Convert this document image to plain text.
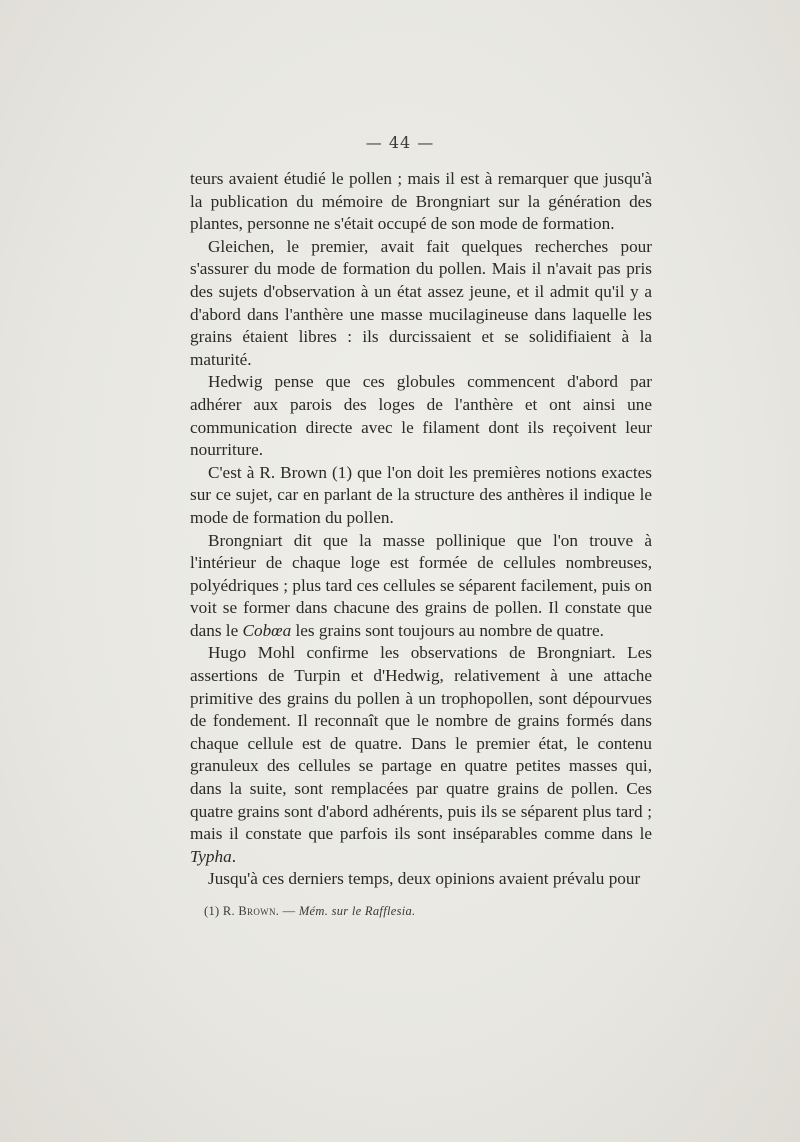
— 44 —

teurs avaient étudié le pollen ; mais il est à remarquer que jusqu'à la publication du mémoire de Brongniart sur la génération des plantes, personne ne s'était occupé de son mode de formation.

Gleichen, le premier, avait fait quelques recherches pour s'assurer du mode de formation du pollen. Mais il n'avait pas pris des sujets d'observation à un état assez jeune, et il admit qu'il y a d'abord dans l'anthère une masse mucilagineuse dans laquelle les grains étaient libres : ils durcissaient et se solidifiaient à la maturité.

Hedwig pense que ces globules commencent d'abord par adhérer aux parois des loges de l'anthère et ont ainsi une communication directe avec le filament dont ils reçoivent leur nourriture.

C'est à R. Brown (1) que l'on doit les premières notions exactes sur ce sujet, car en parlant de la structure des anthères il indique le mode de formation du pollen.

Brongniart dit que la masse pollinique que l'on trouve à l'intérieur de chaque loge est formée de cellules nombreuses, polyédriques ; plus tard ces cellules se séparent facilement, puis on voit se former dans chacune des grains de pollen. Il constate que dans le Cobœa les grains sont toujours au nombre de quatre.

Hugo Mohl confirme les observations de Brongniart. Les assertions de Turpin et d'Hedwig, relativement à une attache primitive des grains du pollen à un trophopollen, sont dépourvues de fondement. Il reconnaît que le nombre de grains formés dans chaque cellule est de quatre. Dans le premier état, le contenu granuleux des cellules se partage en quatre petites masses qui, dans la suite, sont remplacées par quatre grains de pollen. Ces quatre grains sont d'abord adhérents, puis ils se séparent plus tard ; mais il constate que parfois ils sont inséparables comme dans le Typha.

Jusqu'à ces derniers temps, deux opinions avaient prévalu pour

(1) R. Brown. — Mém. sur le Rafflesia.
